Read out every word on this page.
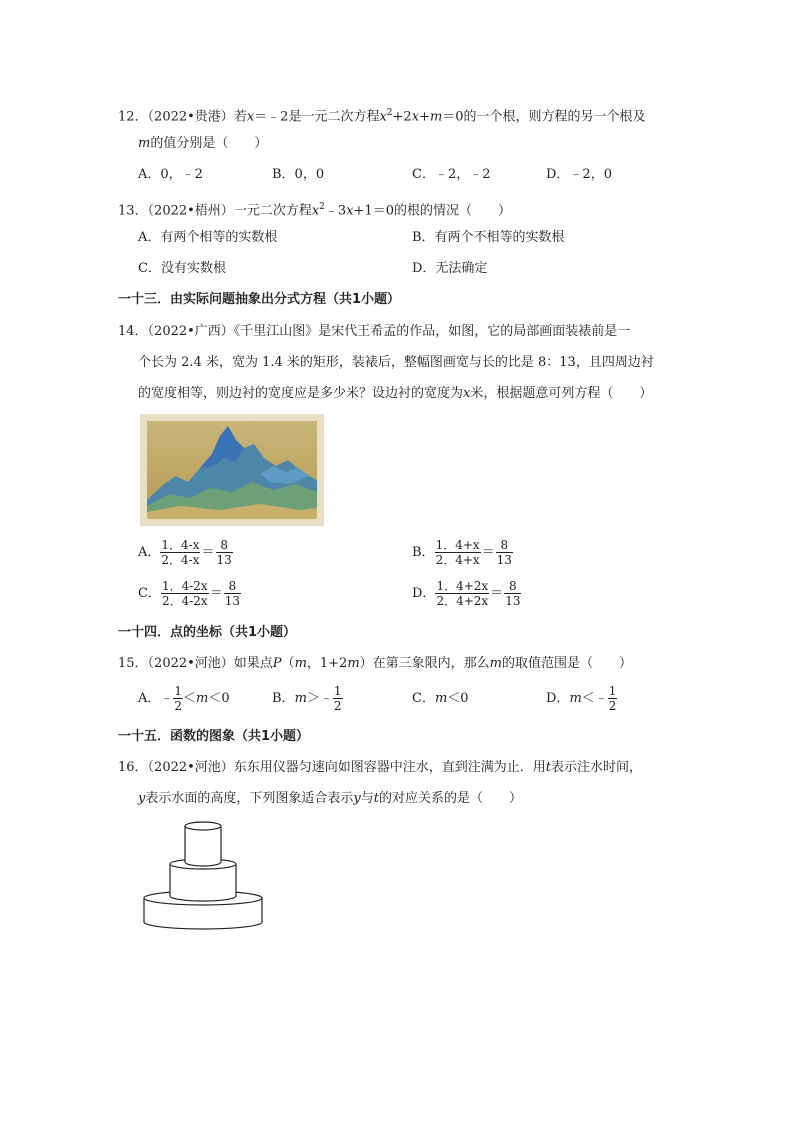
12．（2022•贵港）若x＝﹣2是一元二次方程$x^2+2x+m=0$的一个根，则方程的另一个根及
m的值分别是（　　）
A．0，﹣2	B．0，0	C．﹣2，﹣2	D．﹣2，0
13．（2022•梧州）一元二次方程$x^2﹣3x+1=0$的根的情况（　　）
A．有两个相等的实数根	B．有两个不相等的实数根
C．没有实数根	D．无法确定
一十三．由实际问题抽象出分式方程（共1小题）
14．（2022•广西）《千里江山图》是宋代王希孟的作品，如图，它的局部画面装裱前是一
个长为 2.4 米，宽为 1.4 米的矩形，装裱后，整幅图画宽与长的比是 8：13，且四周边衬
的宽度相等，则边衬的宽度应是多少米？设边衬的宽度为x米，根据题意可列方程（　　）
A． $\frac{1.4-x}{2.4-x} = \frac{8}{13}$	B． $\frac{1.4+x}{2.4+x} = \frac{8}{13}$
C． $\frac{1.4-2x}{2.4-2x} = \frac{8}{13}$	D． $\frac{1.4+2x}{2.4+2x} = \frac{8}{13}$
一十四．点的坐标（共1小题）
15．（2022•河池）如果点P（m，1+2m）在第三象限内，那么m的取值范围是（　　）
A．﹣ $\frac{1}{2} <m<0$	B．m＞﹣ $\frac{1}{2}$	C．m＜0	D．m＜﹣ $\frac{1}{2}$
一十五．函数的图象（共1小题）
16．（2022•河池）东东用仪器匀速向如图容器中注水，直到注满为止．用t表示注水时间，
y表示水面的高度，下列图象适合表示y与t的对应关系的是（　　）
